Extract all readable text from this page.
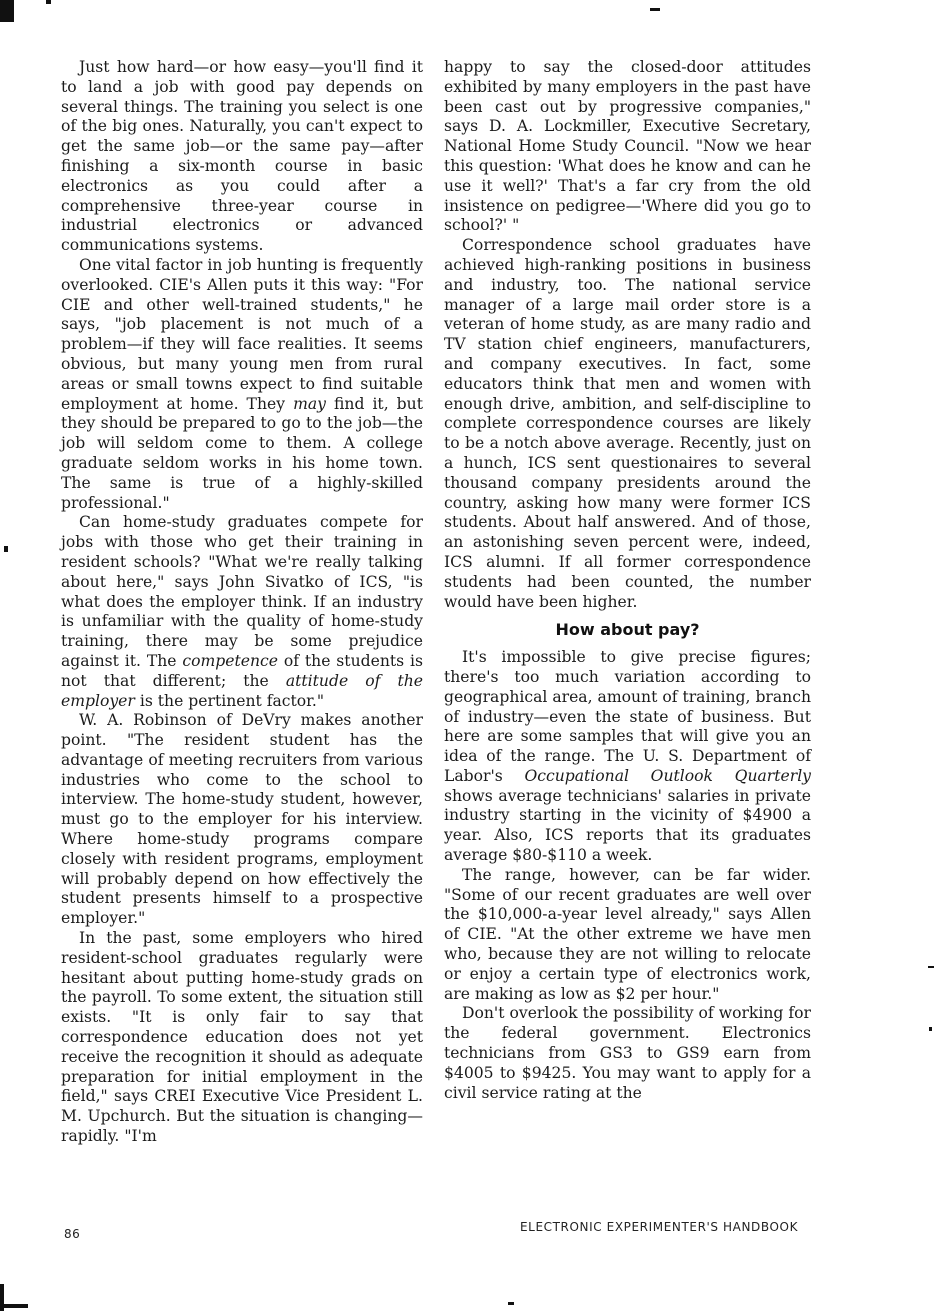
Just how hard—or how easy—you'll find it to land a job with good pay depends on several things. The training you select is one of the big ones. Naturally, you can't expect to get the same job—or the same pay—after finishing a six-month course in basic electronics as you could after a comprehensive three-year course in industrial electronics or advanced communications systems.

One vital factor in job hunting is frequently overlooked. CIE's Allen puts it this way: "For CIE and other well-trained students," he says, "job placement is not much of a problem—if they will face realities. It seems obvious, but many young men from rural areas or small towns expect to find suitable employment at home. They may find it, but they should be prepared to go to the job—the job will seldom come to them. A college graduate seldom works in his home town. The same is true of a highly-skilled professional."

Can home-study graduates compete for jobs with those who get their training in resident schools? "What we're really talking about here," says John Sivatko of ICS, "is what does the employer think. If an industry is unfamiliar with the quality of home-study training, there may be some prejudice against it. The competence of the students is not that different; the attitude of the employer is the pertinent factor."

W. A. Robinson of DeVry makes another point. "The resident student has the advantage of meeting recruiters from various industries who come to the school to interview. The home-study student, however, must go to the employer for his interview. Where home-study programs compare closely with resident programs, employment will probably depend on how effectively the student presents himself to a prospective employer."

In the past, some employers who hired resident-school graduates regularly were hesitant about putting home-study grads on the payroll. To some extent, the situation still exists. "It is only fair to say that correspondence education does not yet receive the recognition it should as adequate preparation for initial employment in the field," says CREI Executive Vice President L. M. Upchurch. But the situation is changing—rapidly. "I'm

happy to say the closed-door attitudes exhibited by many employers in the past have been cast out by progressive companies," says D. A. Lockmiller, Executive Secretary, National Home Study Council. "Now we hear this question: 'What does he know and can he use it well?' That's a far cry from the old insistence on pedigree—'Where did you go to school?' "

Correspondence school graduates have achieved high-ranking positions in business and industry, too. The national service manager of a large mail order store is a veteran of home study, as are many radio and TV station chief engineers, manufacturers, and company executives. In fact, some educators think that men and women with enough drive, ambition, and self-discipline to complete correspondence courses are likely to be a notch above average. Recently, just on a hunch, ICS sent questionaires to several thousand company presidents around the country, asking how many were former ICS students. About half answered. And of those, an astonishing seven percent were, indeed, ICS alumni. If all former correspondence students had been counted, the number would have been higher.

How about pay?

It's impossible to give precise figures; there's too much variation according to geographical area, amount of training, branch of industry—even the state of business. But here are some samples that will give you an idea of the range. The U. S. Department of Labor's Occupational Outlook Quarterly shows average technicians' salaries in private industry starting in the vicinity of $4900 a year. Also, ICS reports that its graduates average $80-$110 a week.

The range, however, can be far wider. "Some of our recent graduates are well over the $10,000-a-year level already," says Allen of CIE. "At the other extreme we have men who, because they are not willing to relocate or enjoy a certain type of electronics work, are making as low as $2 per hour."

Don't overlook the possibility of working for the federal government. Electronics technicians from GS3 to GS9 earn from $4005 to $9425. You may want to apply for a civil service rating at the

86	ELECTRONIC EXPERIMENTER'S HANDBOOK
